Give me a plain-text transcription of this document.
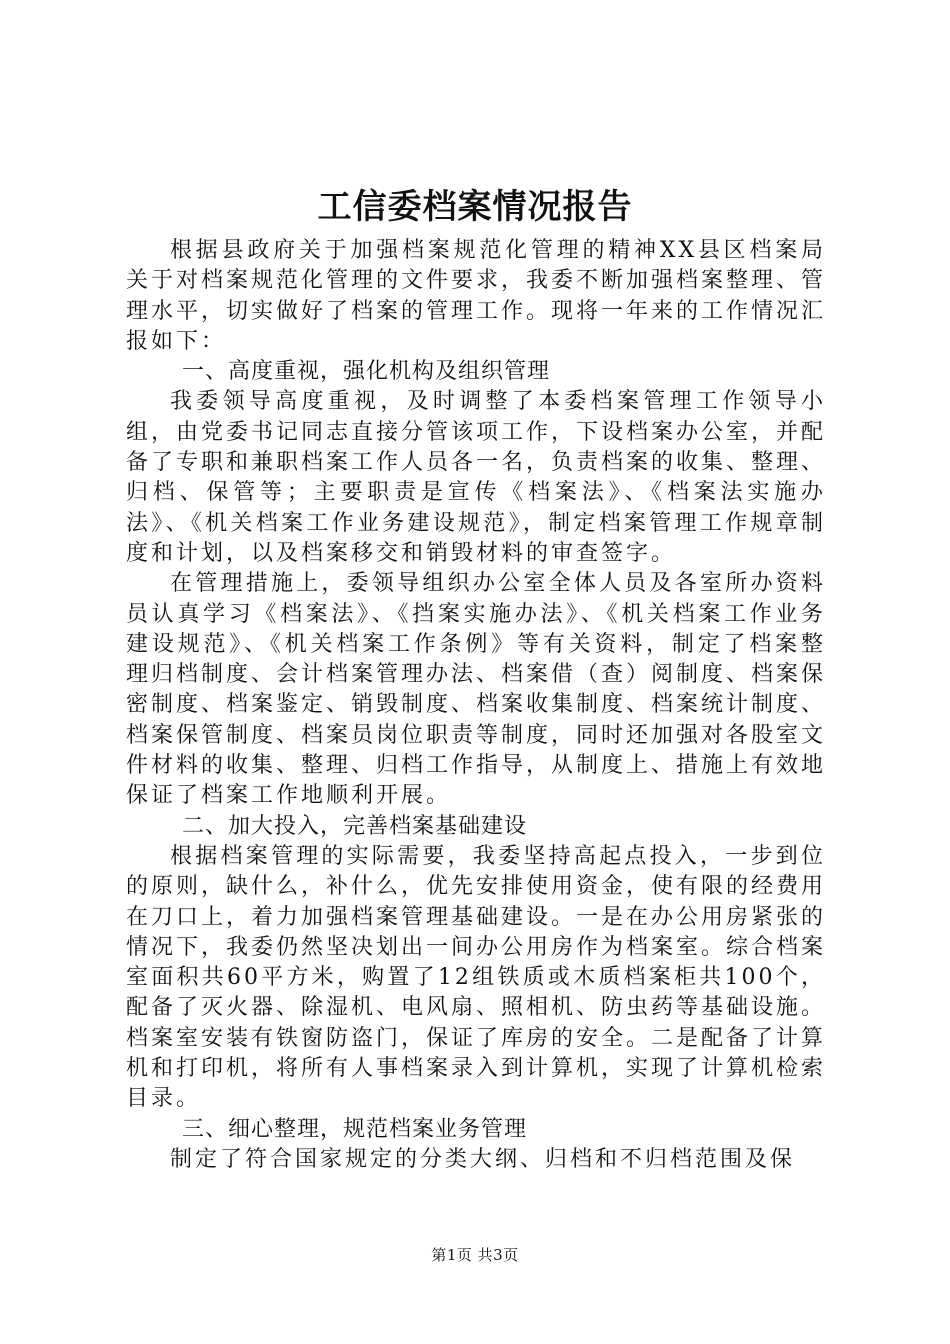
工信委档案情况报告

根据县政府关于加强档案规范化管理的精神XX县区档案局关于对档案规范化管理的文件要求，我委不断加强档案整理、管理水平，切实做好了档案的管理工作。现将一年来的工作情况汇报如下：

一、高度重视，强化机构及组织管理

我委领导高度重视，及时调整了本委档案管理工作领导小组，由党委书记同志直接分管该项工作，下设档案办公室，并配备了专职和兼职档案工作人员各一名，负责档案的收集、整理、归档、保管等；主要职责是宣传《档案法》、《档案法实施办法》、《机关档案工作业务建设规范》，制定档案管理工作规章制度和计划，以及档案移交和销毁材料的审查签字。

在管理措施上，委领导组织办公室全体人员及各室所办资料员认真学习《档案法》、《挡案实施办法》、《机关档案工作业务建设规范》、《机关档案工作条例》等有关资料，制定了档案整理归档制度、会计档案管理办法、档案借（查）阅制度、档案保密制度、档案鉴定、销毁制度、档案收集制度、档案统计制度、档案保管制度、档案员岗位职责等制度，同时还加强对各股室文件材料的收集、整理、归档工作指导，从制度上、措施上有效地保证了档案工作地顺利开展。

二、加大投入，完善档案基础建设

根据档案管理的实际需要，我委坚持高起点投入，一步到位的原则，缺什么，补什么，优先安排使用资金，使有限的经费用在刀口上，着力加强档案管理基础建设。一是在办公用房紧张的情况下，我委仍然坚决划出一间办公用房作为档案室。综合档案室面积共60平方米，购置了12组铁质或木质档案柜共100个，配备了灭火器、除湿机、电风扇、照相机、防虫药等基础设施。档案室安装有铁窗防盗门，保证了库房的安全。二是配备了计算机和打印机，将所有人事档案录入到计算机，实现了计算机检索目录。

三、细心整理，规范档案业务管理

制定了符合国家规定的分类大纲、归档和不归档范围及保

第1页 共3页
